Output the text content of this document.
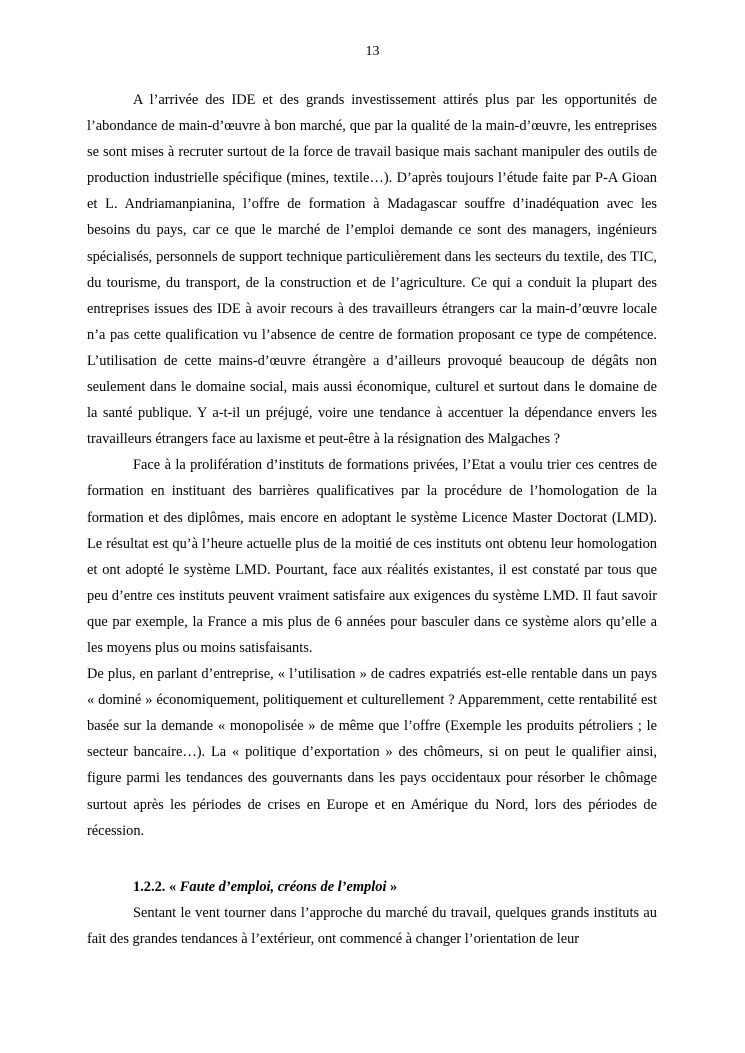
13

A l’arrivée des IDE et des grands investissement attirés plus par les opportunités de l’abondance de main-d’œuvre à bon marché, que par la qualité de la main-d’œuvre, les entreprises se sont mises à recruter surtout de la force de travail basique mais sachant manipuler des outils de production industrielle spécifique (mines, textile…). D’après toujours l’étude faite par P-A Gioan et L. Andriamanpianina, l’offre de formation à Madagascar souffre d’inadéquation avec les besoins du pays, car ce que le marché de l’emploi demande ce sont des managers, ingénieurs spécialisés, personnels de support technique particulièrement dans les secteurs du textile, des TIC, du tourisme, du transport, de la construction et de l’agriculture. Ce qui a conduit la plupart des entreprises issues des IDE à avoir recours à des travailleurs étrangers car la main-d’œuvre locale n’a pas cette qualification vu l’absence de centre de formation proposant ce type de compétence. L’utilisation de cette mains-d’œuvre étrangère a d’ailleurs provoqué beaucoup de dégâts non seulement dans le domaine social, mais aussi économique, culturel et surtout dans le domaine de la santé publique. Y a-t-il un préjugé, voire une tendance à accentuer la dépendance envers les travailleurs étrangers face au laxisme et peut-être à la résignation des Malgaches ?

Face à la prolifération d’instituts de formations privées, l’Etat a voulu trier ces centres de formation en instituant des barrières qualificatives par la procédure de l’homologation de la formation et des diplômes, mais encore en adoptant le système Licence Master Doctorat (LMD). Le résultat est qu’à l’heure actuelle plus de la moitié de ces instituts ont obtenu leur homologation et ont adopté le système LMD. Pourtant, face aux réalités existantes, il est constaté par tous que peu d’entre ces instituts peuvent vraiment satisfaire aux exigences du système LMD. Il faut savoir que par exemple, la France a mis plus de 6 années pour basculer dans ce système alors qu’elle a les moyens plus ou moins satisfaisants.

De plus, en parlant d’entreprise, « l’utilisation » de cadres expatriés est-elle rentable dans un pays « dominé » économiquement, politiquement et culturellement ? Apparemment, cette rentabilité est basée sur la demande « monopolisée » de même que l’offre (Exemple les produits pétroliers ; le secteur bancaire…). La « politique d’exportation » des chômeurs, si on peut le qualifier ainsi, figure parmi les tendances des gouvernants dans les pays occidentaux pour résorber le chômage surtout après les périodes de crises en Europe et en Amérique du Nord, lors des périodes de récession.

1.2.2. « Faute d’emploi, créons de l’emploi »

Sentant le vent tourner dans l’approche du marché du travail, quelques grands instituts au fait des grandes tendances à l’extérieur, ont commencé à changer l’orientation de leur
